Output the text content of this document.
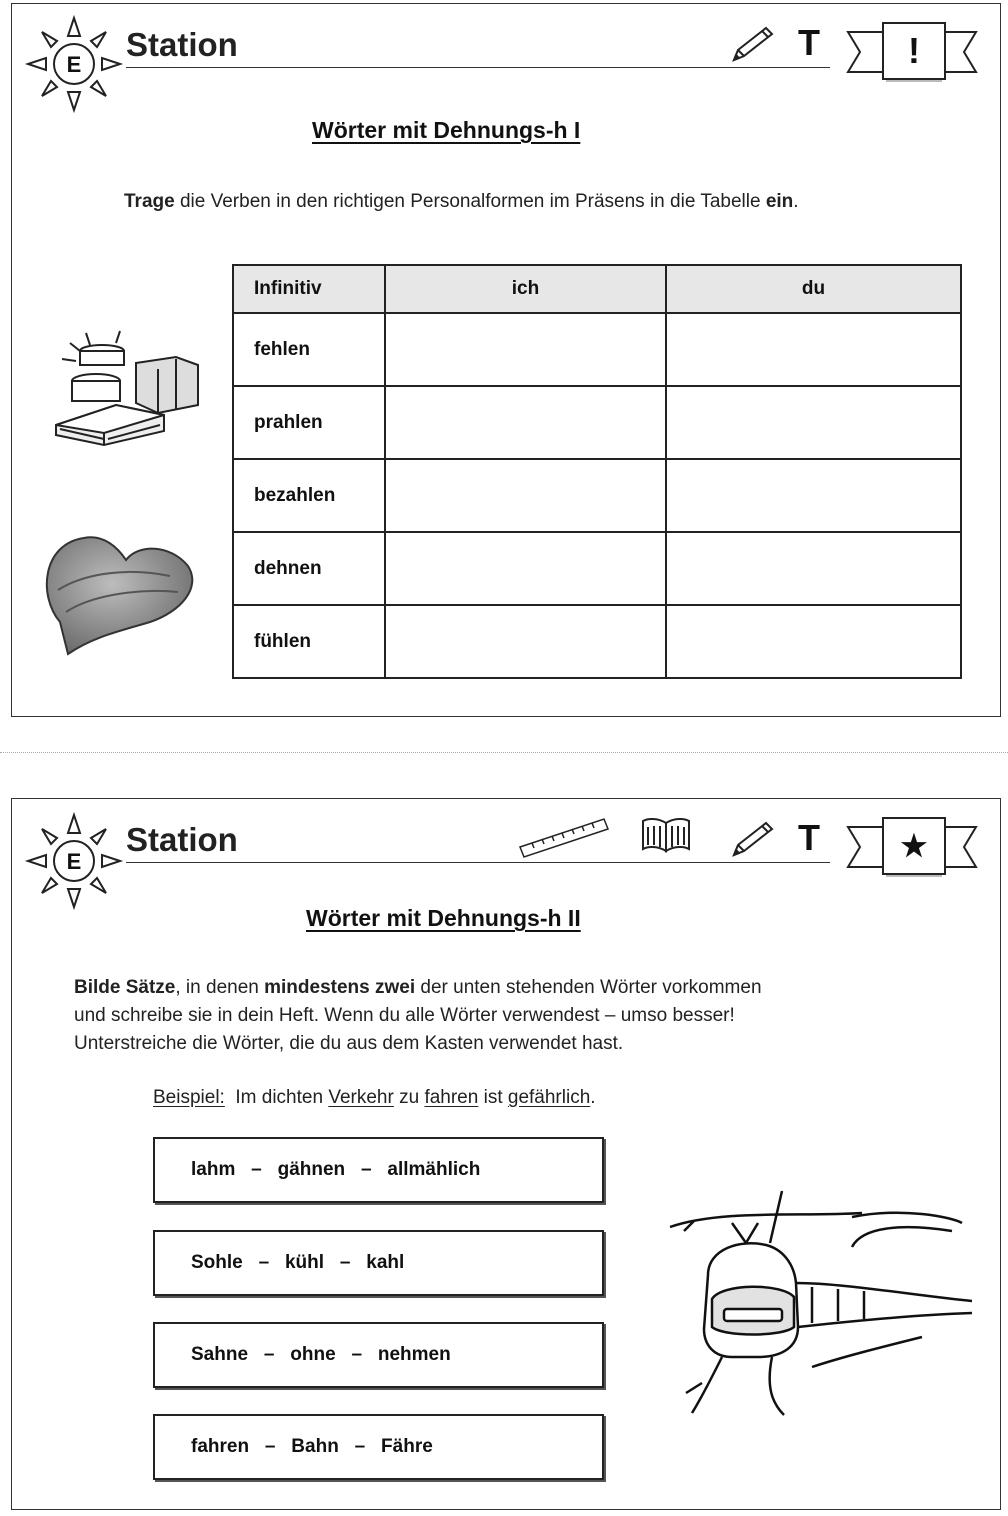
E
Station	T	!
Wörter mit Dehnungs-h I
Trage die Verben in den richtigen Personalformen im Präsens in die Tabelle ein.
Infinitiv	ich	du
fehlen		
prahlen		
bezahlen		
dehnen		
fühlen		
E
Station	T	★
Wörter mit Dehnungs-h II
Bilde Sätze, in denen mindestens zwei der unten stehenden Wörter vorkommen
und schreibe sie in dein Heft. Wenn du alle Wörter verwendest – umso besser!
Unterstreiche die Wörter, die du aus dem Kasten verwendet hast.
Beispiel:  Im dichten Verkehr zu fahren ist gefährlich.
lahm   –   gähnen   –   allmählich
Sohle   –   kühl   –   kahl
Sahne   –   ohne   –   nehmen
fahren   –   Bahn   –   Fähre
